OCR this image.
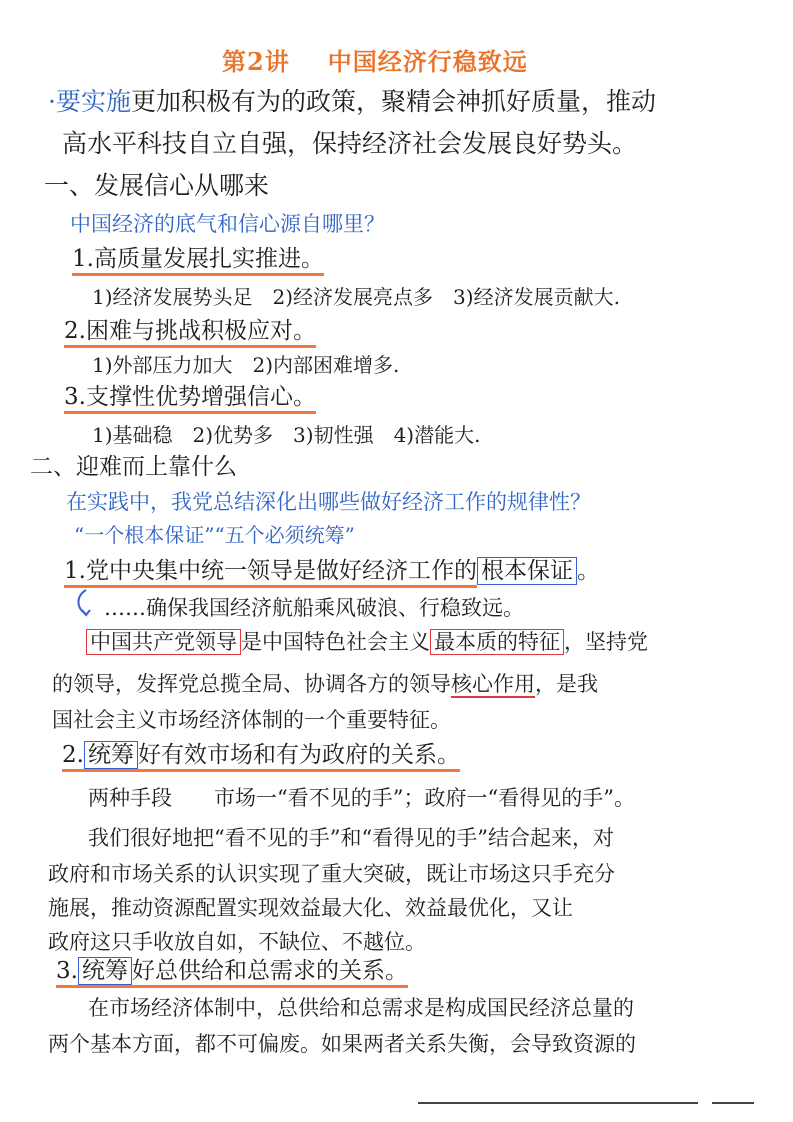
第2讲 中国经济行稳致远
·要实施更加积极有为的政策，聚精会神抓好质量，推动
高水平科技自立自强，保持经济社会发展良好势头。
一、发展信心从哪来
中国经济的底气和信心源自哪里？
1.高质量发展扎实推进。
1)经济发展势头足　2)经济发展亮点多　3)经济发展贡献大.
2.困难与挑战积极应对。
1)外部压力加大　2)内部困难增多.
3.支撑性优势增强信心。
1)基础稳　2)优势多　3)韧性强　4)潜能大.
二、迎难而上靠什么
在实践中，我党总结深化出哪些做好经济工作的规律性？
“一个根本保证”“五个必须统筹”
1.党中央集中统一领导是做好经济工作的 根本保证 。
……确保我国经济航船乘风破浪、行稳致远。
中国共产党领导 是中国特色社会主义 最本质的特征 ，坚持党
的领导，发挥党总揽全局、协调各方的领导核心作用，是我
国社会主义市场经济体制的一个重要特征。
2. 统筹 好有效市场和有为政府的关系。
两种手段　　市场一“看不见的手”；政府一“看得见的手”。
我们很好地把“看不见的手”和“看得见的手”结合起来，对
政府和市场关系的认识实现了重大突破，既让市场这只手充分
施展，推动资源配置实现效益最大化、效益最优化，又让
政府这只手收放自如，不缺位、不越位。
3. 统筹 好总供给和总需求的关系。
在市场经济体制中，总供给和总需求是构成国民经济总量的
两个基本方面，都不可偏废。如果两者关系失衡，会导致资源的
